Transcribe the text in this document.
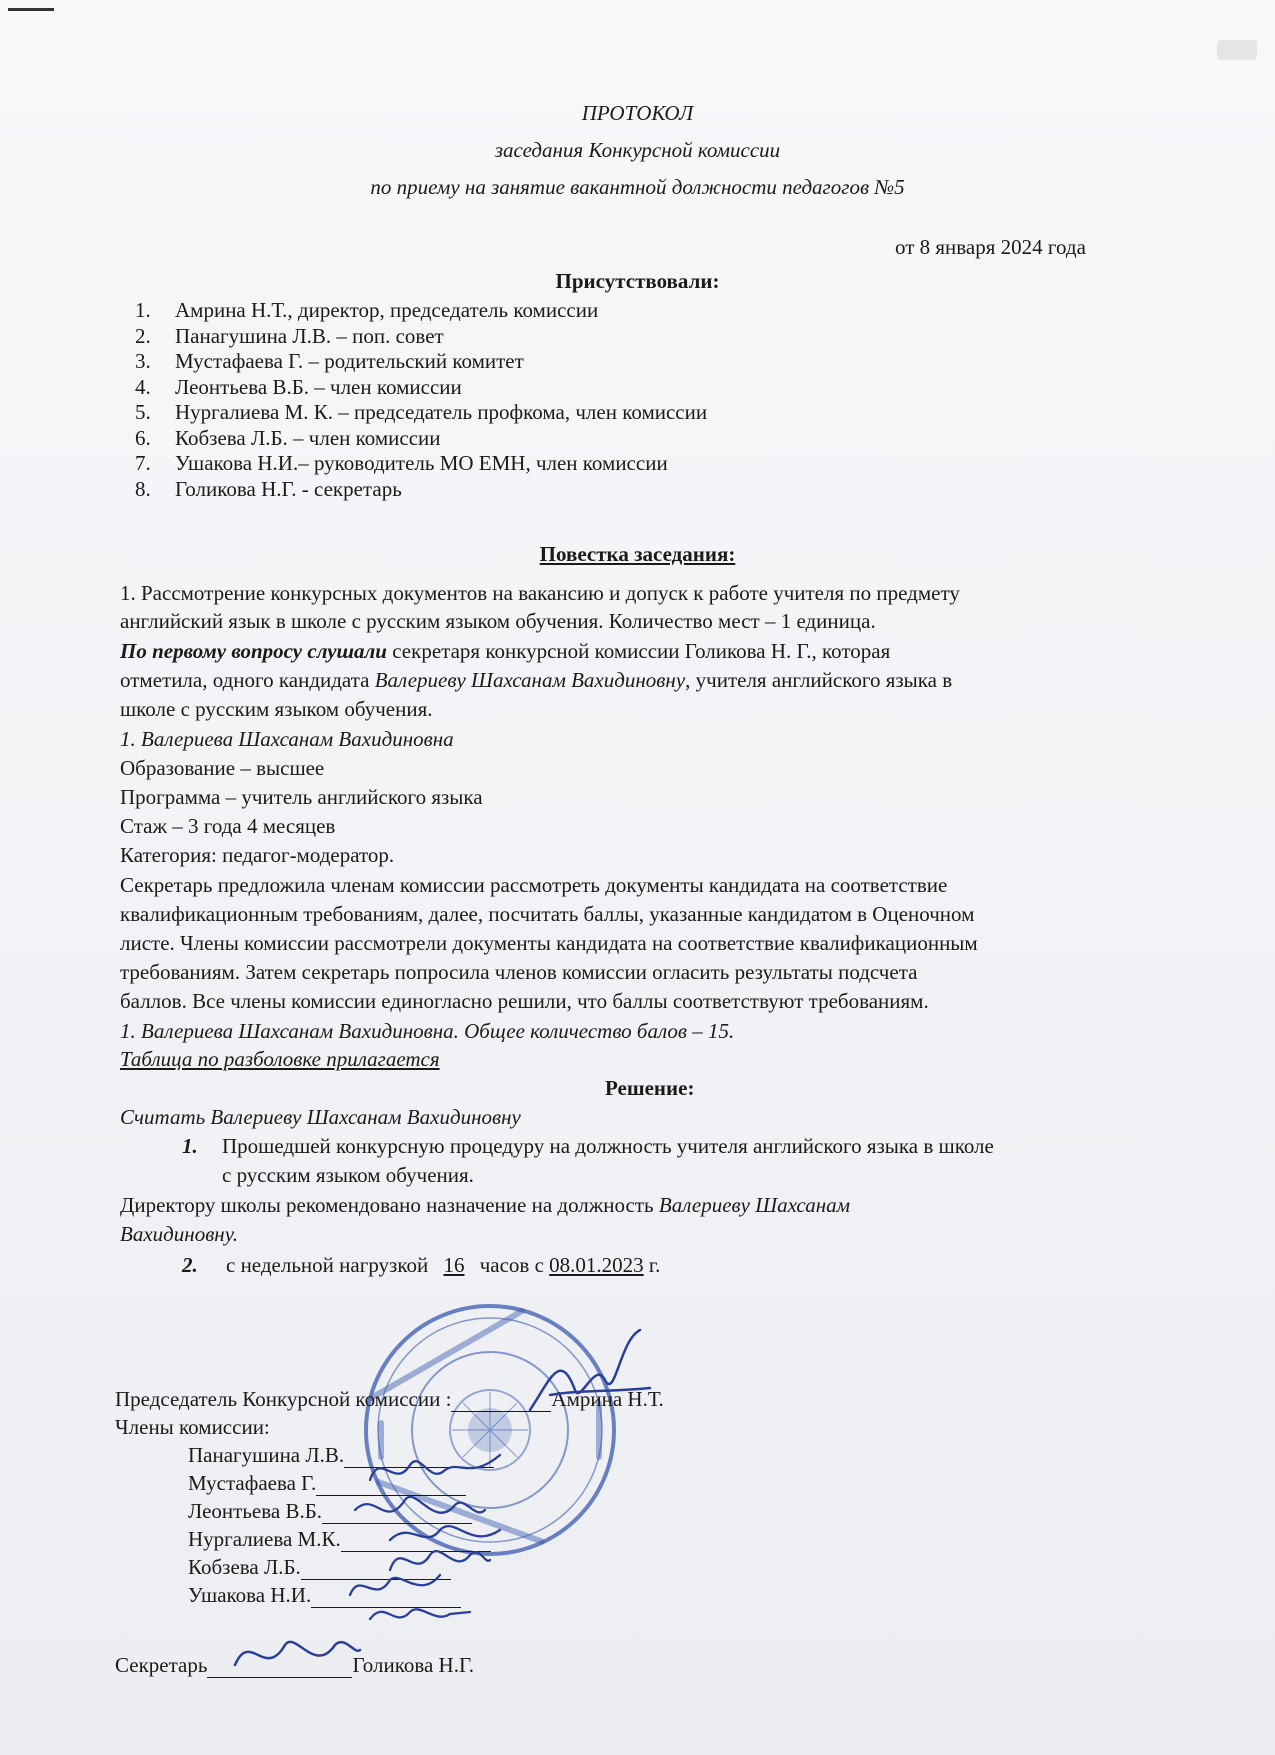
ПРОТОКОЛ
заседания Конкурсной комиссии
по приему на занятие вакантной должности педагогов №5
от 8 января 2024 года
Присутствовали:
1. Амрина Н.Т., директор, председатель комиссии
2. Панагушина Л.В. – поп. совет
3. Мустафаева Г. – родительский комитет
4. Леонтьева В.Б. – член комиссии
5. Нургалиева М. К. – председатель профкома, член комиссии
6. Кобзева Л.Б. – член комиссии
7. Ушакова Н.И.– руководитель МО ЕМН, член комиссии
8. Голикова Н.Г. - секретарь
Повестка заседания:
1. Рассмотрение конкурсных документов на вакансию и допуск к работе учителя по предмету
английский язык в школе с русским языком обучения. Количество мест – 1 единица.
По первому вопросу слушали секретаря конкурсной комиссии Голикова Н. Г., которая
отметила, одного кандидата Валериеву Шахсанам Вахидиновну, учителя английского языка в
школе с русским языком обучения.
1. Валериева Шахсанам Вахидиновна
Образование – высшее
Программа – учитель английского языка
Стаж – 3 года 4 месяцев
Категория: педагог-модератор.
Секретарь предложила членам комиссии рассмотреть документы кандидата на соответствие
квалификационным требованиям, далее, посчитать баллы, указанные кандидатом в Оценочном
листе. Члены комиссии рассмотрели документы кандидата на соответствие квалификационным
требованиям. Затем секретарь попросила членов комиссии огласить результаты подсчета
баллов. Все члены комиссии единогласно решили, что баллы соответствуют требованиям.
1. Валериева Шахсанам Вахидиновна. Общее количество балов – 15.
Таблица по разболовке прилагается
Решение:
Считать Валериеву Шахсанам Вахидиновну
1. Прошедшей конкурсную процедуру на должность учителя английского языка в школе
с русским языком обучения.
Директору школы рекомендовано назначение на должность Валериеву Шахсанам
Вахидиновну.
2. с недельной нагрузкой 16 часов с 08.01.2023 г.
Председатель Конкурсной комиссии :	Амрина Н.Т.
Члены комиссии:
Панагушина Л.В.
Мустафаева Г.
Леонтьева В.Б.
Нургалиева М.К.
Кобзева Л.Б.
Ушакова Н.И.
Секретарь	Голикова Н.Г.
